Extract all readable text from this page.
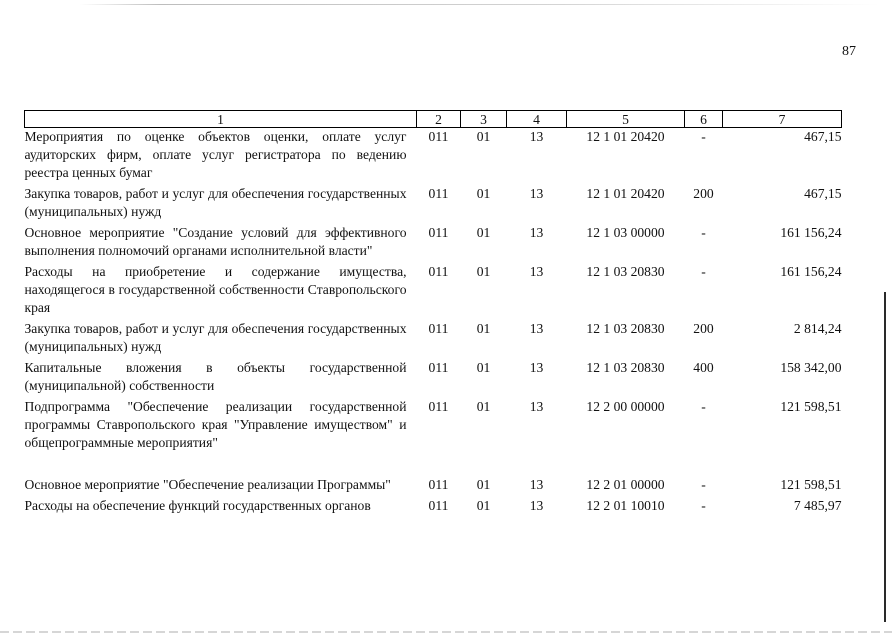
87
1	2	3	4	5	6	7
Мероприятия по оценке объектов оценки, оплате услуг аудиторских фирм, оплате услуг регистратора по ведению реестра ценных бумаг	011	01	13	12 1 01 20420	-	467,15
Закупка товаров, работ и услуг для обеспечения государственных (муниципальных) нужд	011	01	13	12 1 01 20420	200	467,15
Основное мероприятие "Создание условий для эффективного выполнения полномочий органами исполнительной власти"	011	01	13	12 1 03 00000	-	161 156,24
Расходы на приобретение и содержание имущества, находящегося в государственной собственности Ставропольского края	011	01	13	12 1 03 20830	-	161 156,24
Закупка товаров, работ и услуг для обеспечения государственных (муниципальных) нужд	011	01	13	12 1 03 20830	200	2 814,24
Капитальные вложения в объекты государственной (муниципальной) собственности	011	01	13	12 1 03 20830	400	158 342,00
Подпрограмма "Обеспечение реализации государственной программы Ставропольского края "Управление имуществом" и общепрограммные мероприятия"	011	01	13	12 2 00 00000	-	121 598,51
Основное мероприятие "Обеспечение реализации Программы"	011	01	13	12 2 01 00000	-	121 598,51
Расходы на обеспечение функций государственных органов	011	01	13	12 2 01 10010	-	7 485,97
